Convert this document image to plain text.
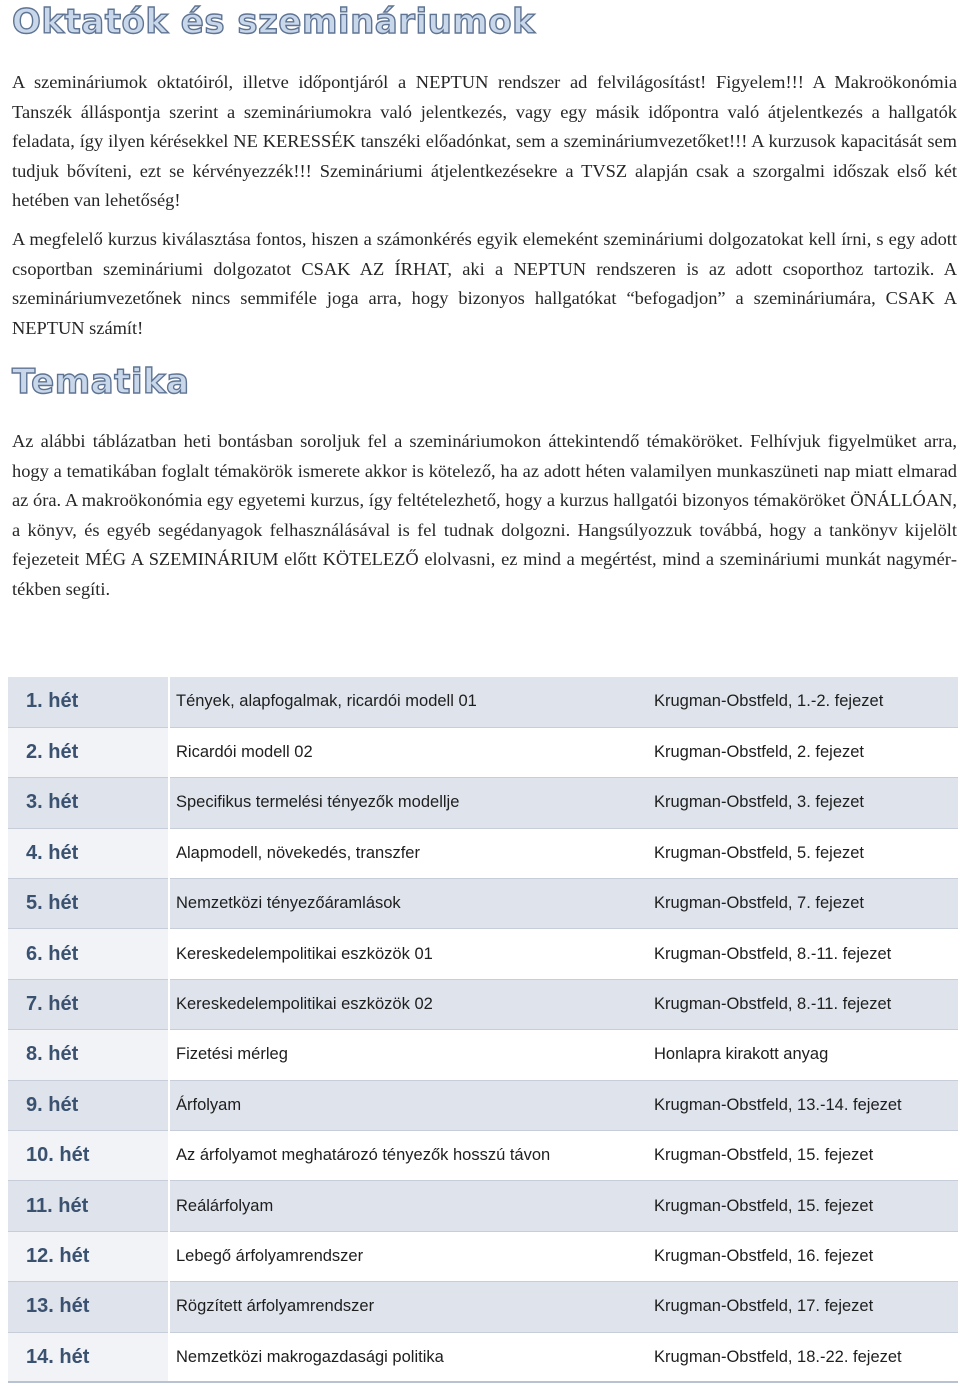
Oktatók és szemináriumok

A szemináriumok oktatóiról, illetve időpontjáról a NEPTUN rendszer ad felvilágosítást! Figyelem!!! A Makroökonómia Tanszék álláspontja szerint a szemináriumokra való jelentkezés, vagy egy másik időpontra való átjelentkezés a hallgatók feladata, így ilyen kérésekkel NE KERESSÉK tanszéki előadónkat, sem a szemináriumvezetőket!!! A kurzusok kapacitását sem tudjuk bővíteni, ezt se kérvényezzék!!! Szemináriumi átjelentkezésekre a TVSZ alapján csak a szorgalmi időszak első két hetében van lehetőség!

A megfelelő kurzus kiválasztása fontos, hiszen a számonkérés egyik elemeként szemináriumi dolgozatokat kell írni, s egy adott csoportban szemináriumi dolgozatot CSAK AZ ÍRHAT, aki a NEPTUN rendszeren is az adott csoporthoz tartozik. A szemináriumvezetőnek nincs semmiféle joga arra, hogy bizonyos hallgatókat “befogadjon” a szemináriumára, CSAK A NEPTUN számít!

Tematika

Az alábbi táblázatban heti bontásban soroljuk fel a szemináriumokon áttekintendő témaköröket. Felhívjuk figyelmüket arra, hogy a tematikában foglalt témakörök ismerete akkor is kötelező, ha az adott héten valamilyen munkaszüneti nap miatt elmarad az óra. A makroökonómia egy egyetemi kurzus, így feltételezhető, hogy a kurzus hallgatói bizonyos témaköröket ÖNÁLLÓAN, a könyv, és egyéb segédanyagok felhasználásával is fel tudnak dolgozni. Hangsúlyozzuk továbbá, hogy a tankönyv kijelölt fejezeteit MÉG A SZEMINÁRIUM előtt KÖTELEZŐ elolvasni, ez mind a megértést, mind a szemináriumi munkát nagymértékben segíti.

1. hét	Tények, alapfogalmak, ricardói modell 01	Krugman-Obstfeld, 1.-2. fejezet
2. hét	Ricardói modell 02	Krugman-Obstfeld, 2. fejezet
3. hét	Specifikus termelési tényezők modellje	Krugman-Obstfeld, 3. fejezet
4. hét	Alapmodell, növekedés, transzfer	Krugman-Obstfeld, 5. fejezet
5. hét	Nemzetközi tényezőáramlások	Krugman-Obstfeld, 7. fejezet
6. hét	Kereskedelempolitikai eszközök 01	Krugman-Obstfeld, 8.-11. fejezet
7. hét	Kereskedelempolitikai eszközök 02	Krugman-Obstfeld, 8.-11. fejezet
8. hét	Fizetési mérleg	Honlapra kirakott anyag
9. hét	Árfolyam	Krugman-Obstfeld, 13.-14. fejezet
10. hét	Az árfolyamot meghatározó tényezők hosszú távon	Krugman-Obstfeld, 15. fejezet
11. hét	Reálárfolyam	Krugman-Obstfeld, 15. fejezet
12. hét	Lebegő árfolyamrendszer	Krugman-Obstfeld, 16. fejezet
13. hét	Rögzített árfolyamrendszer	Krugman-Obstfeld, 17. fejezet
14. hét	Nemzetközi makrogazdasági politika	Krugman-Obstfeld, 18.-22. fejezet
